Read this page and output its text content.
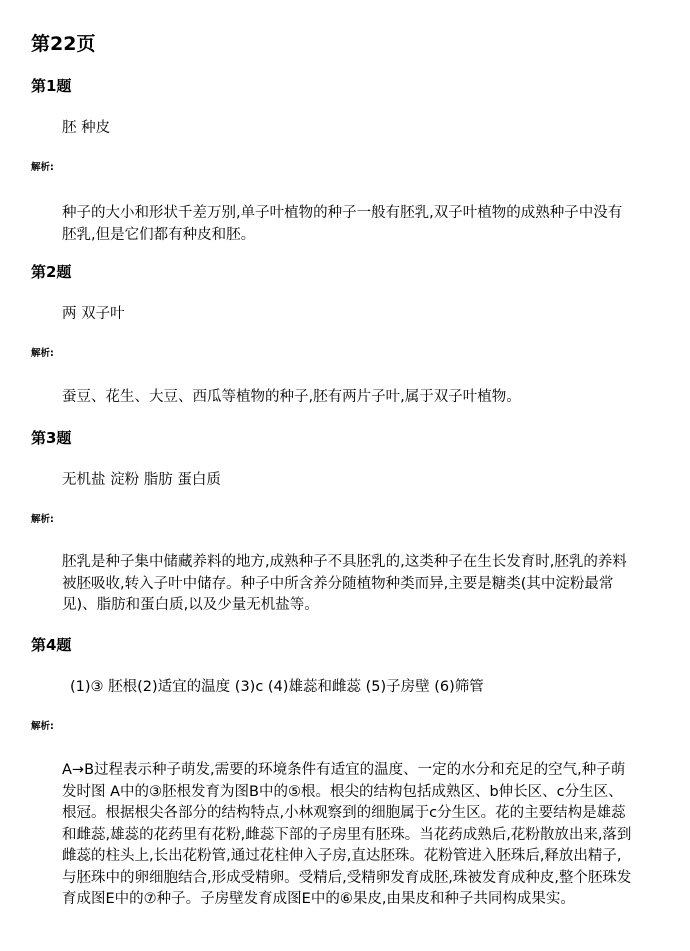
第22页
第1题
胚 种皮
解析:

种子的大小和形状千差万别,单子叶植物的种子一般有胚乳,双子叶植物的成熟种子中没有胚乳,但是它们都有种皮和胚。

第2题
两 双子叶
解析:

蚕豆、花生、大豆、西瓜等植物的种子,胚有两片子叶,属于双子叶植物。

第3题
无机盐 淀粉 脂肪 蛋白质
解析:

胚乳是种子集中储藏养料的地方,成熟种子不具胚乳的,这类种子在生长发育时,胚乳的养料被胚吸收,转入子叶中储存。种子中所含养分随植物种类而异,主要是糖类(其中淀粉最常见)、脂肪和蛋白质,以及少量无机盐等。

第4题
(1)③ 胚根(2)适宜的温度 (3)c (4)雄蕊和雌蕊 (5)子房壁 (6)筛管
解析:

A→B过程表示种子萌发,需要的环境条件有适宜的温度、一定的水分和充足的空气,种子萌发时图 A中的③胚根发育为图B中的⑤根。根尖的结构包括成熟区、b伸长区、c分生区、根冠。根据根尖各部分的结构特点,小林观察到的细胞属于c分生区。花的主要结构是雄蕊和雌蕊,雄蕊的花药里有花粉,雌蕊下部的子房里有胚珠。当花药成熟后,花粉散放出来,落到雌蕊的柱头上,长出花粉管,通过花柱伸入子房,直达胚珠。花粉管进入胚珠后,释放出精子,与胚珠中的卵细胞结合,形成受精卵。受精后,受精卵发育成胚,珠被发育成种皮,整个胚珠发育成图E中的⑦种子。子房壁发育成图E中的⑥果皮,由果皮和种子共同构成果实。
